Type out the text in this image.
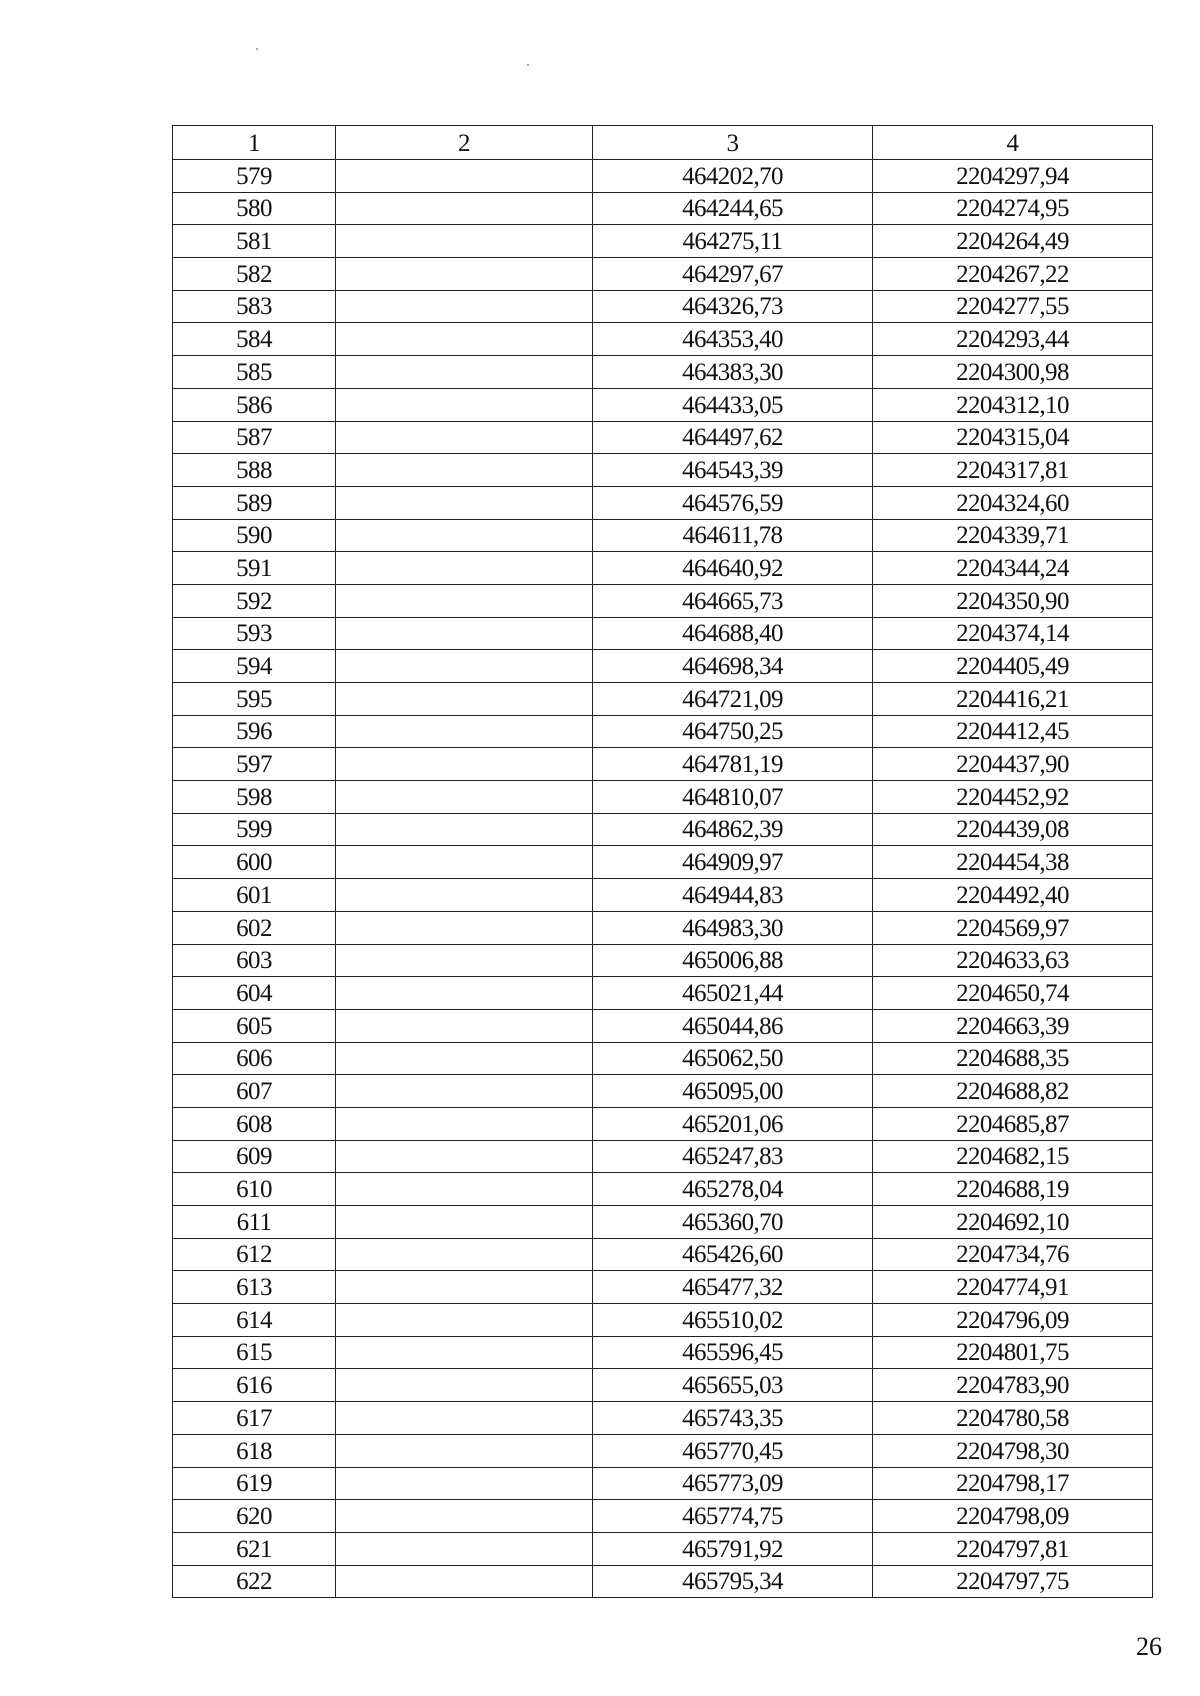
1	2	3	4
579		464202,70	2204297,94
580		464244,65	2204274,95
581		464275,11	2204264,49
582		464297,67	2204267,22
583		464326,73	2204277,55
584		464353,40	2204293,44
585		464383,30	2204300,98
586		464433,05	2204312,10
587		464497,62	2204315,04
588		464543,39	2204317,81
589		464576,59	2204324,60
590		464611,78	2204339,71
591		464640,92	2204344,24
592		464665,73	2204350,90
593		464688,40	2204374,14
594		464698,34	2204405,49
595		464721,09	2204416,21
596		464750,25	2204412,45
597		464781,19	2204437,90
598		464810,07	2204452,92
599		464862,39	2204439,08
600		464909,97	2204454,38
601		464944,83	2204492,40
602		464983,30	2204569,97
603		465006,88	2204633,63
604		465021,44	2204650,74
605		465044,86	2204663,39
606		465062,50	2204688,35
607		465095,00	2204688,82
608		465201,06	2204685,87
609		465247,83	2204682,15
610		465278,04	2204688,19
611		465360,70	2204692,10
612		465426,60	2204734,76
613		465477,32	2204774,91
614		465510,02	2204796,09
615		465596,45	2204801,75
616		465655,03	2204783,90
617		465743,35	2204780,58
618		465770,45	2204798,30
619		465773,09	2204798,17
620		465774,75	2204798,09
621		465791,92	2204797,81
622		465795,34	2204797,75
26
